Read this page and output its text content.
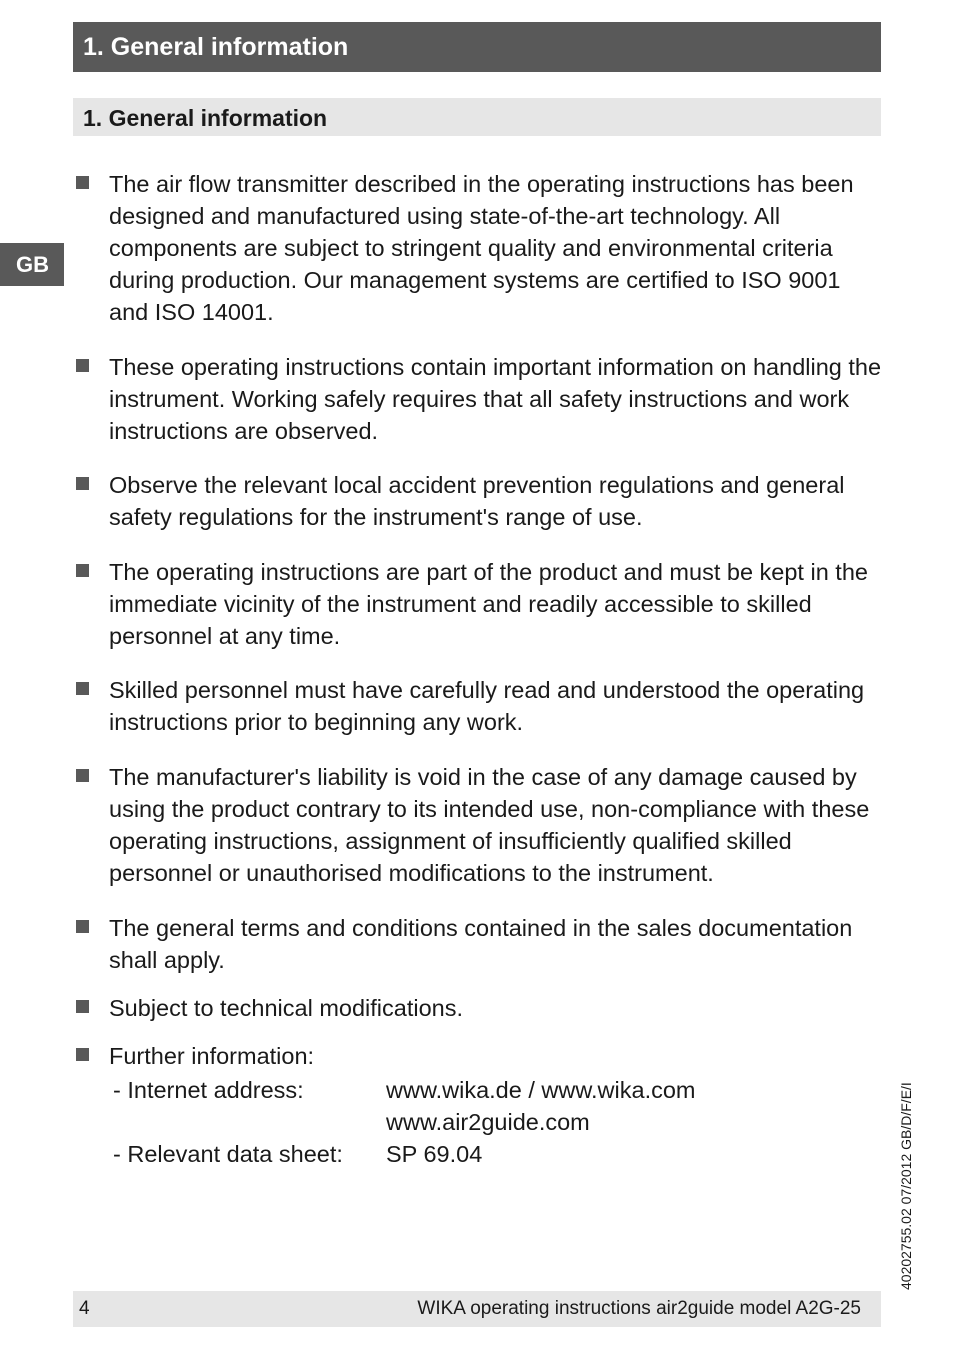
1. General information
1. General information
GB
The air flow transmitter described in the operating instructions has been designed and manufactured using state-of-the-art technology. All components are subject to stringent quality and environmental criteria during production. Our management systems are certified to ISO 9001 and ISO 14001.
These operating instructions contain important information on handling the instrument. Working safely requires that all safety instructions and work instructions are observed.
Observe the relevant local accident prevention regulations and general safety regulations for the instrument's range of use.
The operating instructions are part of the product and must be kept in the immediate vicinity of the instrument and readily accessible to skilled personnel at any time.
Skilled personnel must have carefully read and understood the operating instructions prior to beginning any work.
The manufacturer's liability is void in the case of any damage caused by using the product contrary to its intended use, non-compliance with these operating instructions, assignment of insufficiently qualified skilled personnel or unauthorised modifications to the instrument.
The general terms and conditions contained in the sales documentation shall apply.
Subject to technical modifications.
Further information:
- Internet address:	www.wika.de / www.wika.com
www.air2guide.com
- Relevant data sheet:	SP 69.04	40202755.02 07/2012 GB/D/F/E/I
4	WIKA operating instructions air2guide model A2G-25
